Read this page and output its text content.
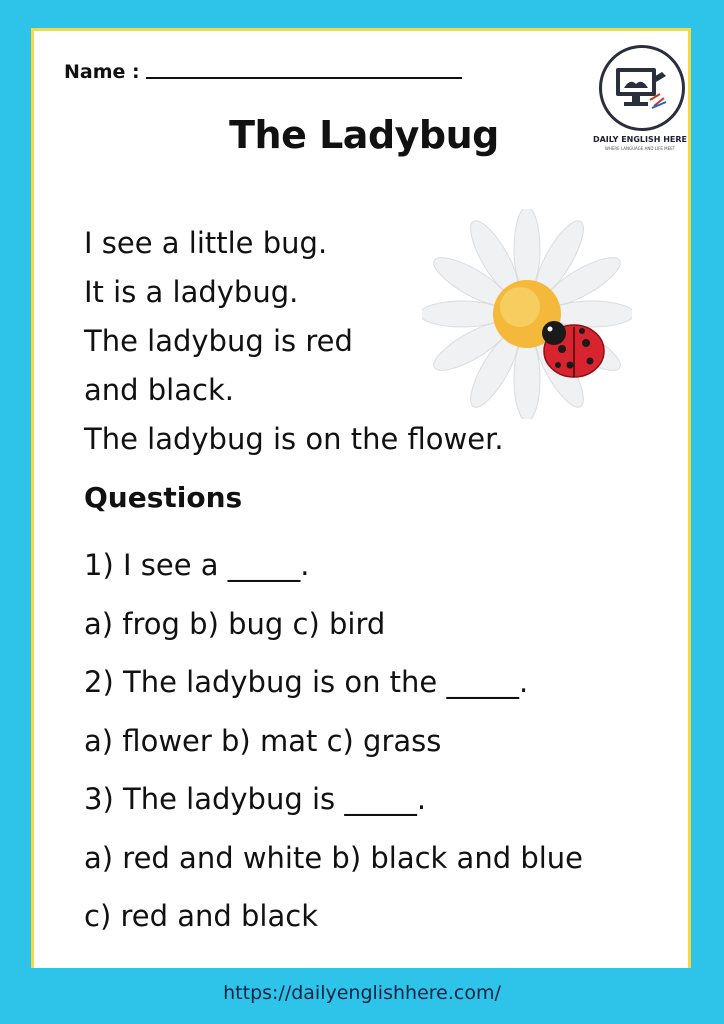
Name :
DAILY ENGLISH HERE
WHERE LANGUAGE AND LIFE MEET
The Ladybug
I see a little bug.
It is a ladybug.
The ladybug is red
and black.
The ladybug is on the flower.
Questions
1) I see a _____.
a) frog b) bug c) bird
2) The ladybug is on the _____.
a) flower b) mat c) grass
3) The ladybug is _____.
a) red and white b) black and blue
c) red and black
https://dailyenglishhere.com/
